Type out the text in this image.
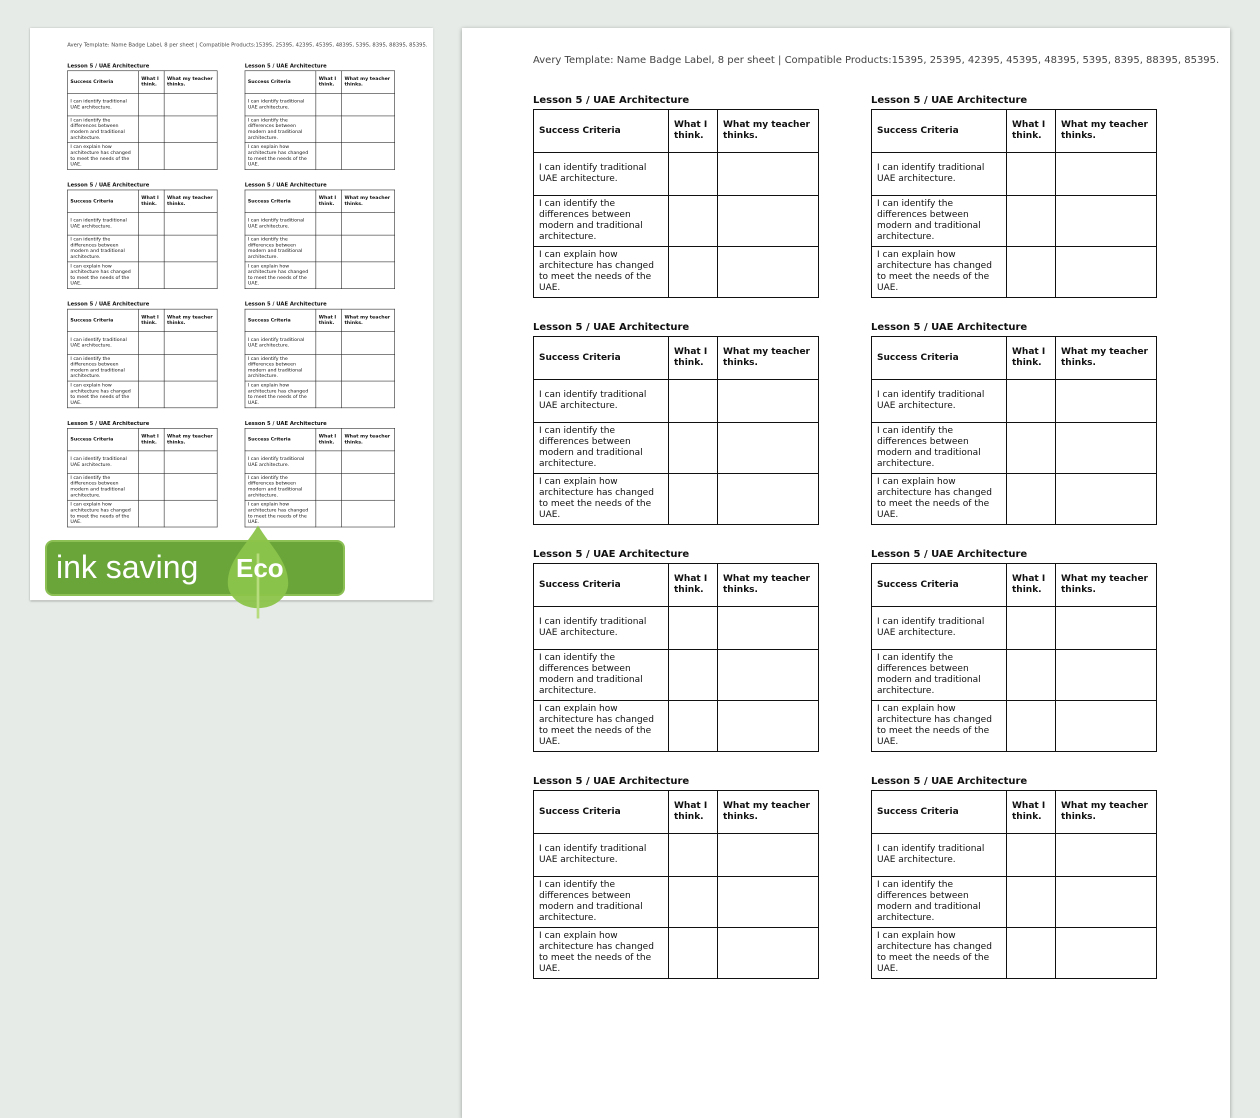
Avery Template: Name Badge Label, 8 per sheet | Compatible Products:15395, 25395, 42395, 45395, 48395, 5395, 8395, 88395, 85395.
Lesson 5 / UAE Architecture
Success Criteria	What I think.	What my teacher thinks.
I can identify traditional UAE architecture.		
I can identify the differences between modern and traditional architecture.		
I can explain how architecture has changed to meet the needs of the UAE.		
Lesson 5 / UAE Architecture
Success Criteria	What I think.	What my teacher thinks.
I can identify traditional UAE architecture.		
I can identify the differences between modern and traditional architecture.		
I can explain how architecture has changed to meet the needs of the UAE.		
Lesson 5 / UAE Architecture
Success Criteria	What I think.	What my teacher thinks.
I can identify traditional UAE architecture.		
I can identify the differences between modern and traditional architecture.		
I can explain how architecture has changed to meet the needs of the UAE.		
Lesson 5 / UAE Architecture
Success Criteria	What I think.	What my teacher thinks.
I can identify traditional UAE architecture.		
I can identify the differences between modern and traditional architecture.		
I can explain how architecture has changed to meet the needs of the UAE.		
Lesson 5 / UAE Architecture
Success Criteria	What I think.	What my teacher thinks.
I can identify traditional UAE architecture.		
I can identify the differences between modern and traditional architecture.		
I can explain how architecture has changed to meet the needs of the UAE.		
Lesson 5 / UAE Architecture
Success Criteria	What I think.	What my teacher thinks.
I can identify traditional UAE architecture.		
I can identify the differences between modern and traditional architecture.		
I can explain how architecture has changed to meet the needs of the UAE.		
Lesson 5 / UAE Architecture
Success Criteria	What I think.	What my teacher thinks.
I can identify traditional UAE architecture.		
I can identify the differences between modern and traditional architecture.		
I can explain how architecture has changed to meet the needs of the UAE.		
Lesson 5 / UAE Architecture
Success Criteria	What I think.	What my teacher thinks.
I can identify traditional UAE architecture.		
I can identify the differences between modern and traditional architecture.		
I can explain how architecture has changed to meet the needs of the UAE.		
Avery Template: Name Badge Label, 8 per sheet | Compatible Products:15395, 25395, 42395, 45395, 48395, 5395, 8395, 88395, 85395.
Lesson 5 / UAE Architecture
Success Criteria	What I think.	What my teacher thinks.
I can identify traditional UAE architecture.		
I can identify the differences between modern and traditional architecture.		
I can explain how architecture has changed to meet the needs of the UAE.		
Lesson 5 / UAE Architecture
Success Criteria	What I think.	What my teacher thinks.
I can identify traditional UAE architecture.		
I can identify the differences between modern and traditional architecture.		
I can explain how architecture has changed to meet the needs of the UAE.		
Lesson 5 / UAE Architecture
Success Criteria	What I think.	What my teacher thinks.
I can identify traditional UAE architecture.		
I can identify the differences between modern and traditional architecture.		
I can explain how architecture has changed to meet the needs of the UAE.		
Lesson 5 / UAE Architecture
Success Criteria	What I think.	What my teacher thinks.
I can identify traditional UAE architecture.		
I can identify the differences between modern and traditional architecture.		
I can explain how architecture has changed to meet the needs of the UAE.		
Lesson 5 / UAE Architecture
Success Criteria	What I think.	What my teacher thinks.
I can identify traditional UAE architecture.		
I can identify the differences between modern and traditional architecture.		
I can explain how architecture has changed to meet the needs of the UAE.		
Lesson 5 / UAE Architecture
Success Criteria	What I think.	What my teacher thinks.
I can identify traditional UAE architecture.		
I can identify the differences between modern and traditional architecture.		
I can explain how architecture has changed to meet the needs of the UAE.		
Lesson 5 / UAE Architecture
Success Criteria	What I think.	What my teacher thinks.
I can identify traditional UAE architecture.		
I can identify the differences between modern and traditional architecture.		
I can explain how architecture has changed to meet the needs of the UAE.		
Lesson 5 / UAE Architecture
Success Criteria	What I think.	What my teacher thinks.
I can identify traditional UAE architecture.		
I can identify the differences between modern and traditional architecture.		
I can explain how architecture has changed to meet the needs of the UAE.		
ink saving Eco
